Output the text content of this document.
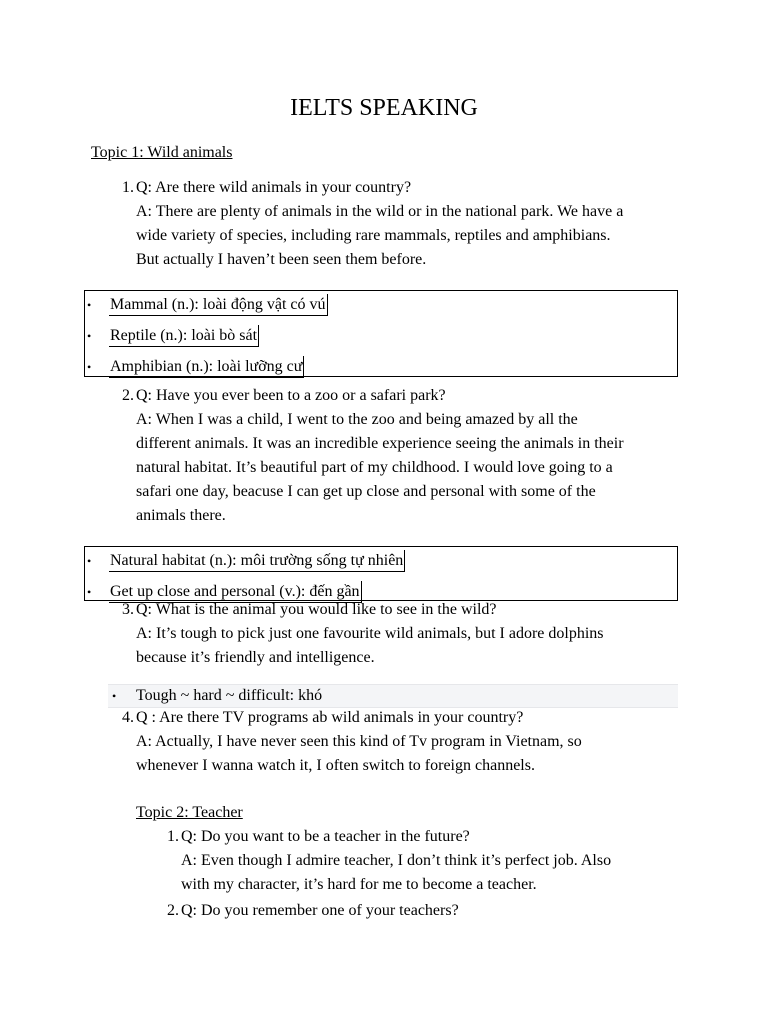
IELTS SPEAKING
Topic 1: Wild animals
1. Q: Are there wild animals in your country?

A: There are plenty of animals in the wild or in the national park. We have a

wide variety of species, including rare mammals, reptiles and amphibians.

But actually I haven’t been seen them before.

• Mammal (n.): loài động vật có vú
• Reptile (n.): loài bò sát
• Amphibian (n.): loài lưỡng cư
2. Q: Have you ever been to a zoo or a safari park?

A: When I was a child, I went to the zoo and being amazed by all the

different animals. It was an incredible experience seeing the animals in their

natural habitat. It’s beautiful part of my childhood. I would love going to a

safari one day, beacuse I can get up close and personal with some of the

animals there.

• Natural habitat (n.): môi trường sống tự nhiên
• Get up close and personal (v.): đến gần
3. Q: What is the animal you would like to see in the wild?

A: It’s tough to pick just one favourite wild animals, but I adore dolphins

because it’s friendly and intelligence.

• Tough ~ hard ~ difficult: khó
4. Q : Are there TV programs ab wild animals in your country?

A: Actually, I have never seen this kind of Tv program in Vietnam, so

whenever I wanna watch it, I often switch to foreign channels.

Topic 2: Teacher
1. Q: Do you want to be a teacher in the future?

A: Even though I admire teacher, I don’t think it’s perfect job. Also

with my character, it’s hard for me to become a teacher.

2. Q: Do you remember one of your teachers?
